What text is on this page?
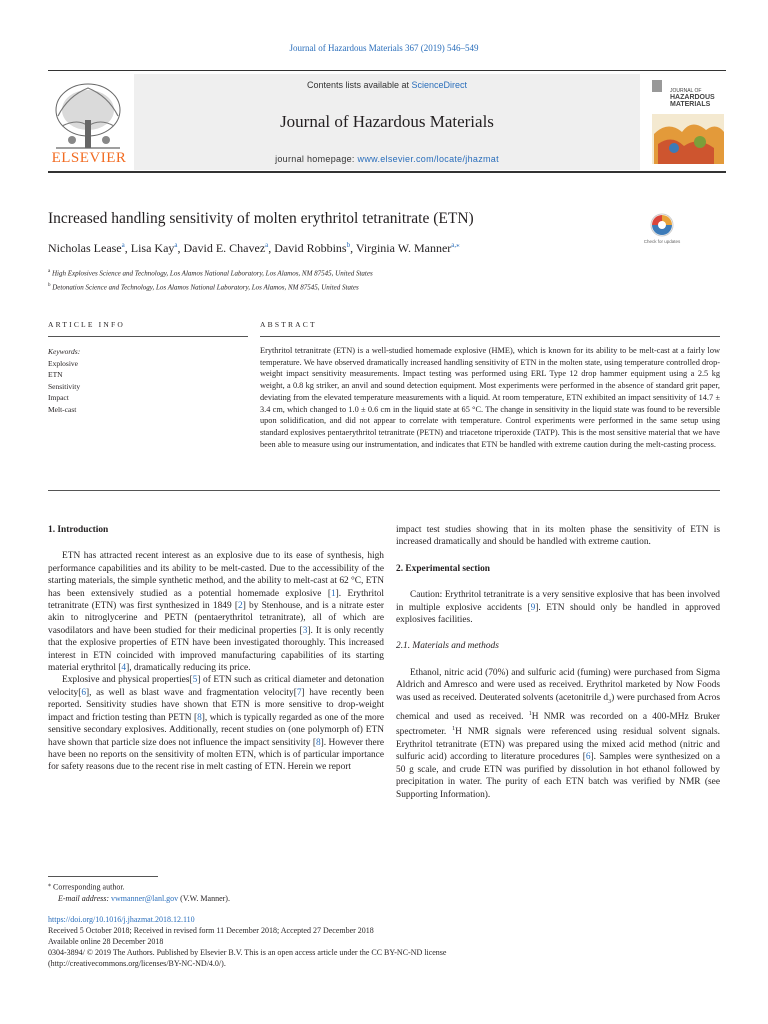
Journal of Hazardous Materials 367 (2019) 546–549
ELSEVIER
Contents lists available at ScienceDirect
Journal of Hazardous Materials
journal homepage: www.elsevier.com/locate/jhazmat
JOURNAL OF
HAZARDOUS
MATERIALS
Increased handling sensitivity of molten erythritol tetranitrate (ETN)
Nicholas Lease$^a$, Lisa Kay$^a$, David E. Chavez$^a$, David Robbins$^b$, Virginia W. Manner$^{a,⁎}$	Check for updates
$^a$ High Explosives Science and Technology, Los Alamos National Laboratory, Los Alamos, NM 87545, United States
$^b$ Detonation Science and Technology, Los Alamos National Laboratory, Los Alamos, NM 87545, United States
ARTICLE INFO	ABSTRACT
Keywords:
Explosive
ETN
Sensitivity
Impact
Melt-cast
Erythritol tetranitrate (ETN) is a well-studied homemade explosive (HME), which is known for its ability to be melt-cast at a fairly low temperature. We have observed dramatically increased handling sensitivity of ETN in the molten state, using temperature controlled drop-weight impact sensitivity measurements. Impact testing was performed using ERL Type 12 drop hammer equipment using a 2.5 kg weight, a 0.8 kg striker, an anvil and sound detection equipment. Most experiments were performed in the absence of standard grit paper, deviating from the elevated temperature measurements with a liquid. At room temperature, ETN exhibited an impact sensitivity of 14.7 ± 3.4 cm, which changed to 1.0 ± 0.6 cm in the liquid state at 65 °C. The change in sensitivity in the liquid state was found to be reversible upon solidification, and did not appear to correlate with temperature. Control experiments were performed in the same setup using standard explosives pentaerythritol tetranitrate (PETN) and triacetone triperoxide (TATP). This is the most sensitive material that we have been able to measure using our instrumentation, and indicates that ETN be handled with extreme caution during the melt-casting process.
1. Introduction

ETN has attracted recent interest as an explosive due to its ease of synthesis, high performance capabilities and its ability to be melt-casted. Due to the accessibility of the starting materials, the simple synthetic method, and the ability to melt-cast at 62 °C, ETN has been extensively studied as a potential homemade explosive [1]. Erythritol tetranitrate (ETN) was first synthesized in 1849 [2] by Stenhouse, and is a nitrate ester akin to nitroglycerine and PETN (pentaerythritol tetranitrate), all of which are vasodilators and have been studied for their medicinal properties [3]. It is only recently that the explosive properties of ETN have been investigated thoroughly. This increased interest in ETN coincided with improved manufacturing capabilities of its starting material erythritol [4], dramatically reducing its price.

Explosive and physical properties[5] of ETN such as critical diameter and detonation velocity[6], as well as blast wave and fragmentation velocity[7] have recently been reported. Sensitivity studies have shown that ETN is more sensitive to drop-weight impact and friction testing than PETN [8], which is typically regarded as one of the more sensitive secondary explosives. Additionally, recent studies on (one polymorph of) ETN have shown that particle size does not influence the impact sensitivity [8]. However there have been no reports on the sensitivity of molten ETN, which is of particular importance for safety reasons due to the recent rise in melt casting of ETN. Herein we report

impact test studies showing that in its molten phase the sensitivity of ETN is increased dramatically and should be handled with extreme caution.

2. Experimental section

Caution: Erythritol tetranitrate is a very sensitive explosive that has been involved in multiple explosive accidents [9]. ETN should only be handled in approved explosives facilities.

2.1. Materials and methods

Ethanol, nitric acid (70%) and sulfuric acid (fuming) were purchased from Sigma Aldrich and Amresco and were used as received. Erythritol marketed by Now Foods was used as received. Deuterated solvents (acetonitrile $d_3$) were purchased from Acros chemical and used as received. $^1$H NMR was recorded on a 400-MHz Bruker spectrometer. $^1$H NMR signals were referenced using residual solvent signals. Erythritol tetranitrate (ETN) was prepared using the mixed acid method (nitric and sulfuric acid) according to literature procedures [6]. Samples were synthesized on a 50 g scale, and crude ETN was purified by dissolution in hot ethanol followed by precipitation in water. The purity of each ETN batch was verified by NMR (see Supporting Information).

⁎ Corresponding author.
E-mail address: vwmanner@lanl.gov (V.W. Manner).
https://doi.org/10.1016/j.jhazmat.2018.12.110
Received 5 October 2018; Received in revised form 11 December 2018; Accepted 27 December 2018
Available online 28 December 2018
0304-3894/ © 2019 The Authors. Published by Elsevier B.V. This is an open access article under the CC BY-NC-ND license
(http://creativecommons.org/licenses/BY-NC-ND/4.0/).
